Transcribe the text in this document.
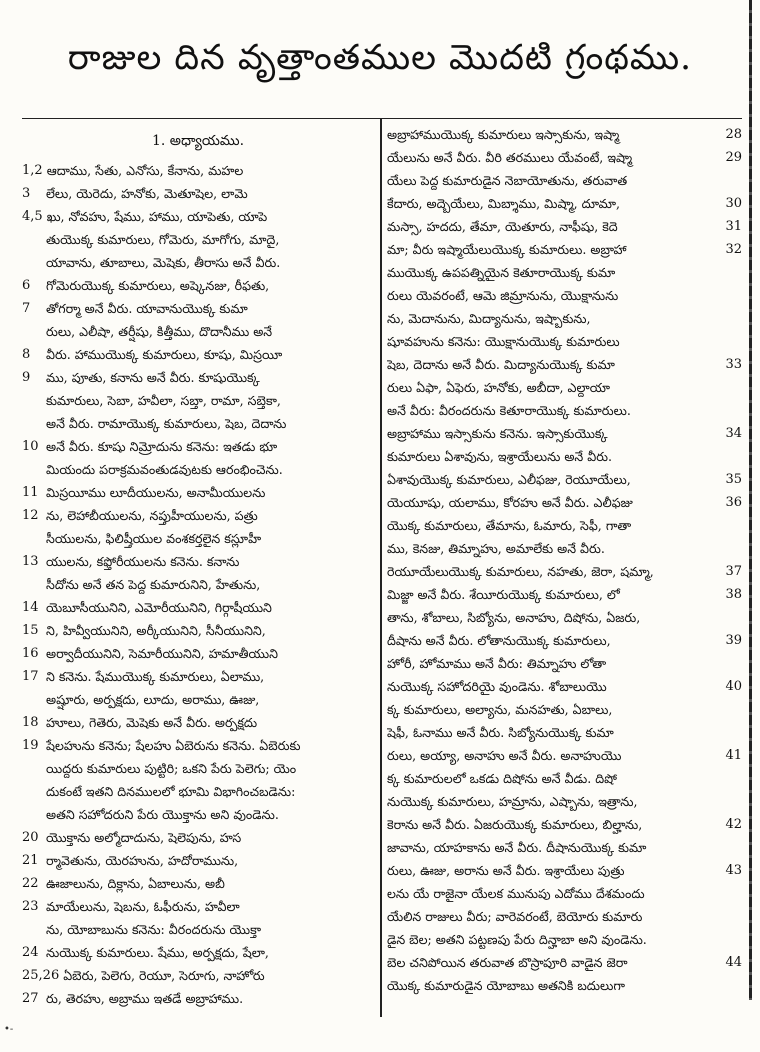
రాజుల దిన వృత్తాంతముల మొదటి గ్రంథము.
1. అధ్యాయము.
1,2 ఆదాము, సేతు, ఎనోసు, కేనాను, మహల
3	లేలు, యెరెదు, హనోకు, మెతూషెల, లామె
4,5 ఖు, నోవహు, షేము, హాము, యాపెతు, యాపె
తుయొక్క కుమారులు, గోమెరు, మాగోగు, మాదై,
యావాను, తూబాలు, మెషెకు, తీరాసు అనే వీరు.
6	గోమెరుయొక్క కుమారులు, అష్కెనజు, రీఫతు,
7	తోగర్మా అనే వీరు. యావానుయొక్క కుమా
రులు, ఎలీషా, తర్షీషు, కిత్తీము, దొదానీము అనే
8	వీరు. హాముయొక్క కుమారులు, కూషు, మిస్రయీ
9	ము, పూతు, కనాను అనే వీరు. కూషుయొక్క
కుమారులు, సెబా, హవీలా, సబ్తా, రామా, సబ్తెకా,
అనే వీరు. రామాయొక్క కుమారులు, షెబ, దెదాను
10 అనే వీరు. కూషు నిమ్రోదును కనెను: ఇతడు భూ
మియందు పరాక్రమవంతుడవుటకు ఆరంభించెను.
11 మిస్రయీము లూదీయులను, అనామీయులను
12 ను, లెహాబీయులను, నప్తుహీయులను, పత్రు
సీయులను, ఫిలిష్తీయుల వంశకర్తలైన కస్లూహీ
13 యులను, కఫ్తోరీయులను కనెను. కనాను
సీదోను అనే తన పెద్ద కుమారునిని, హేతును,
14 యెబూసీయునిని, ఎమోరీయునిని, గిర్గాషీయుని
15 ని, హివ్వీయునిని, అర్కీయునిని, సీనీయునిని,
16 అర్వాదీయునిని, సెమారీయునిని, హమాతీయుని
17 ని కనెను. షేముయొక్క కుమారులు, ఏలాము,
అష్షూరు, అర్పక్షదు, లూదు, అరాము, ఊజు,
18 హూలు, గెతెరు, మెషెకు అనే వీరు. అర్పక్షదు
19 షేలహును కనెను; షేలహు ఏబెరును కనెను. ఏబెరుకు
యిద్దరు కుమారులు పుట్టిరి; ఒకని పేరు పెలెగు; యెం
దుకంటే ఇతని దినములలో భూమి విభాగించబడెను:
అతని సహోదరుని పేరు యొక్తాను అని వుండెను.
20 యొక్తాను అల్మోదాదును, షెలెపును, హస
21 ర్మావెతును, యెరహును, హదోరామును,
22 ఊజాలును, దిక్లాను, ఏబాలును, అబీ
23 మాయేలును, షెబను, ఓఫీరును, హవీలా
ను, యోబాబును కనెను: వీరందరును యొక్తా
24 నుయొక్క కుమారులు. షేము, అర్పక్షదు, షేలా,
25,26 ఏబెరు, పెలెగు, రెయూ, సెరూగు, నాహోరు
27 రు, తెరహు, అబ్రాము ఇతడే అబ్రాహాము.
28
అబ్రాహాముయొక్క కుమారులు ఇస్సాకును, ఇష్మా
29
యేలును అనే వీరు. వీరి తరములు యేవంటే, ఇష్మా
యేలు పెద్ద కుమారుడైన నెబాయోతును, తరువాత
30
కేదారు, అద్బెయేలు, మిబ్శాము, మిష్మా, దూమా,
31
మస్సా, హదదు, తేమా, యెతూరు, నాఫీషు, కెదె
32
మా; వీరు ఇష్మాయేలుయొక్క కుమారులు. అబ్రాహా
ముయొక్క ఉపపత్నియైన కెతూరాయొక్క కుమా
రులు యెవరంటే, ఆమె జిమ్రానును, యొక్షానును
ను, మెదానును, మిద్యానును, ఇష్బాకును,
షూవహును కనెను: యొక్షానుయొక్క కుమారులు
33
షెబ, దెదాను అనే వీరు. మిద్యానుయొక్క కుమా
రులు ఏఫా, ఏఫెరు, హనోకు, అబీదా, ఎల్దాయా
అనే వీరు: వీరందరును కెతూరాయొక్క కుమారులు.
34
అబ్రాహాము ఇస్సాకును కనెను. ఇస్సాకుయొక్క
కుమారులు ఏశావును, ఇశ్రాయేలును అనే వీరు.
35
ఏశావుయొక్క కుమారులు, ఎలీఫజు, రెయూయేలు,
36
యెయూషు, యలాము, కోరహు అనే వీరు. ఎలీఫజు
యొక్క కుమారులు, తేమాను, ఓమారు, సెఫీ, గాతా
ము, కెనజు, తిమ్నాహు, అమాలేకు అనే వీరు.
37
రెయూయేలుయొక్క కుమారులు, నహతు, జెరా, షమ్మా,
38
మిజ్జా అనే వీరు. శేయీరుయొక్క కుమారులు, లో
తాను, శోబాలు, సిబ్యోను, అనాహు, దిషోను, ఏజరు,
39
దీషాను అనే వీరు. లోతానుయొక్క కుమారులు,
హోరీ, హోమాము అనే వీరు: తిమ్నాహు లోతా
40
నుయొక్క సహోదరియై వుండెను. శోబాలుయొ
క్క కుమారులు, అల్యాను, మనహతు, ఏబాలు,
షెఫీ, ఓనాము అనే వీరు. సిబ్యోనుయొక్క కుమా
41
రులు, అయ్యా, అనాహు అనే వీరు. అనాహుయొ
క్క కుమారులలో ఒకడు దిషోను అనే వీడు. దిషో
నుయొక్క కుమారులు, హమ్రాను, ఎష్బాను, ఇత్రాను,
42
కెరాను అనే వీరు. ఏజరుయొక్క కుమారులు, బిల్హాను,
జావాను, యాహకాను అనే వీరు. దీషానుయొక్క కుమా
43
రులు, ఊజు, అరాను అనే వీరు. ఇశ్రాయేలు పుత్రు
లను యే రాజైనా యేలక మునుపు ఎదోము దేశమందు
యేలిన రాజులు వీరు; వారెవరంటే, బెయోరు కుమారు
డైన బెల; అతని పట్టణపు పేరు దిన్హాబా అని వుండెను.
44
బెల చనిపోయిన తరువాత బొస్రాపూరి వాడైన జెరా
యొక్క కుమారుడైన యోబాబు అతనికి బదులుగా
•-
